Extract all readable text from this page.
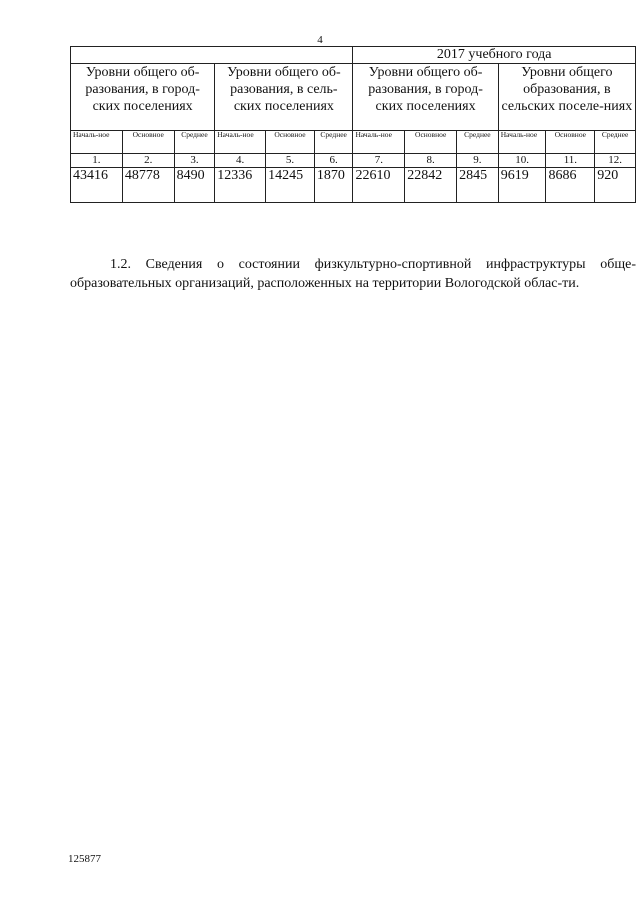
4
						2017 учебного года					
Уровни общего об-разования, в город-ских поселениях			Уровни общего об-разования, в сель-ских поселениях			Уровни общего об-разования, в город-ских поселениях			Уровни общего образования, в сельских поселе-ниях		
Началь-ное	Основное	Среднее	Началь-ное	Основное	Среднее	Началь-ное	Основное	Среднее	Началь-ное	Основное	Среднее
1.	2.	3.	4.	5.	6.	7.	8.	9.	10.	11.	12.
43416	48778	8490	12336	14245	1870	22610	22842	2845	9619	8686	920
1.2. Сведения о состоянии физкультурно-спортивной инфраструктуры обще-образовательных организаций, расположенных на территории Вологодской облас-ти.
125877
